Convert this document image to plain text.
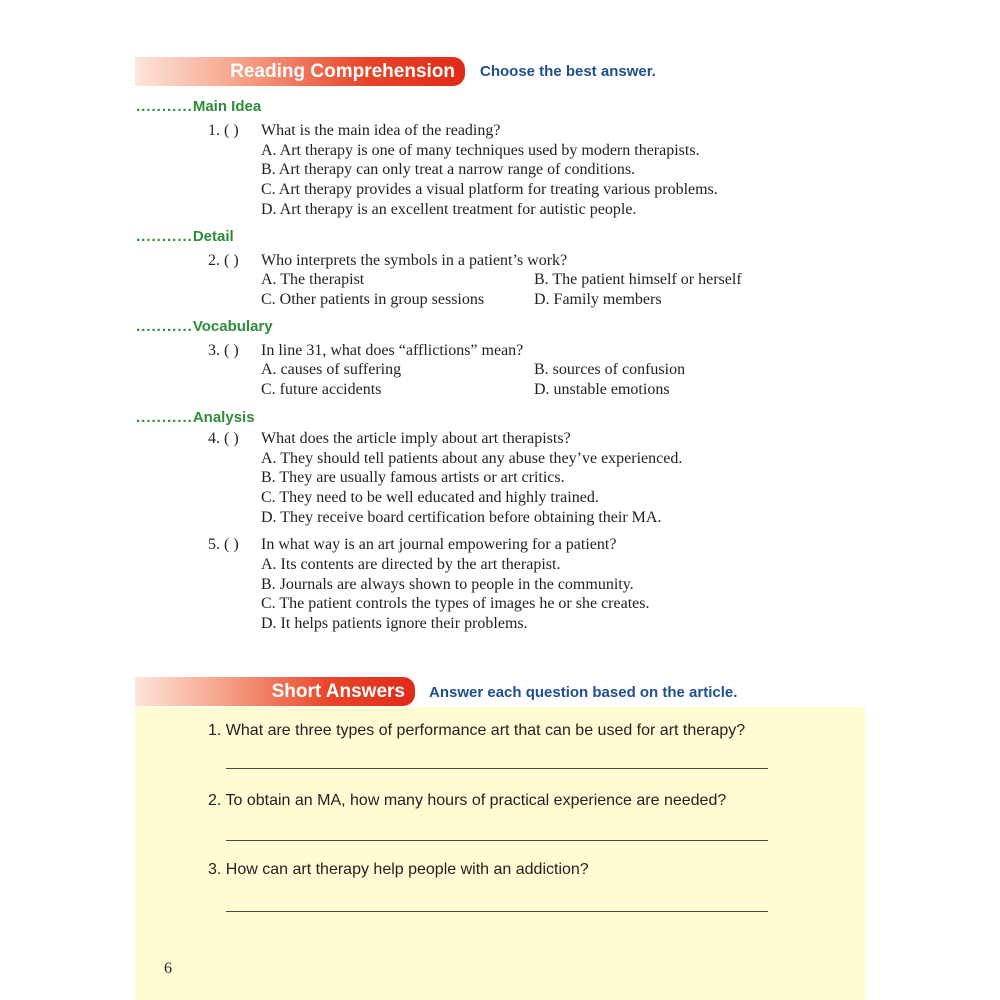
Reading Comprehension	Choose the best answer.
...........Main Idea
1. ( ) What is the main idea of the reading?
A. Art therapy is one of many techniques used by modern therapists.
B. Art therapy can only treat a narrow range of conditions.
C. Art therapy provides a visual platform for treating various problems.
D. Art therapy is an excellent treatment for autistic people.
...........Detail
2. ( ) Who interprets the symbols in a patient’s work?
A. The therapist	B. The patient himself or herself
C. Other patients in group sessions	D. Family members
...........Vocabulary
3. ( ) In line 31, what does “afflictions” mean?
A. causes of suffering	B. sources of confusion
C. future accidents	D. unstable emotions
...........Analysis
4. ( ) What does the article imply about art therapists?
A. They should tell patients about any abuse they’ve experienced.
B. They are usually famous artists or art critics.
C. They need to be well educated and highly trained.
D. They receive board certification before obtaining their MA.
5. ( ) In what way is an art journal empowering for a patient?
A. Its contents are directed by the art therapist.
B. Journals are always shown to people in the community.
C. The patient controls the types of images he or she creates.
D. It helps patients ignore their problems.
Short Answers	Answer each question based on the article.
1. What are three types of performance art that can be used for art therapy?
2. To obtain an MA, how many hours of practical experience are needed?
3. How can art therapy help people with an addiction?
6
